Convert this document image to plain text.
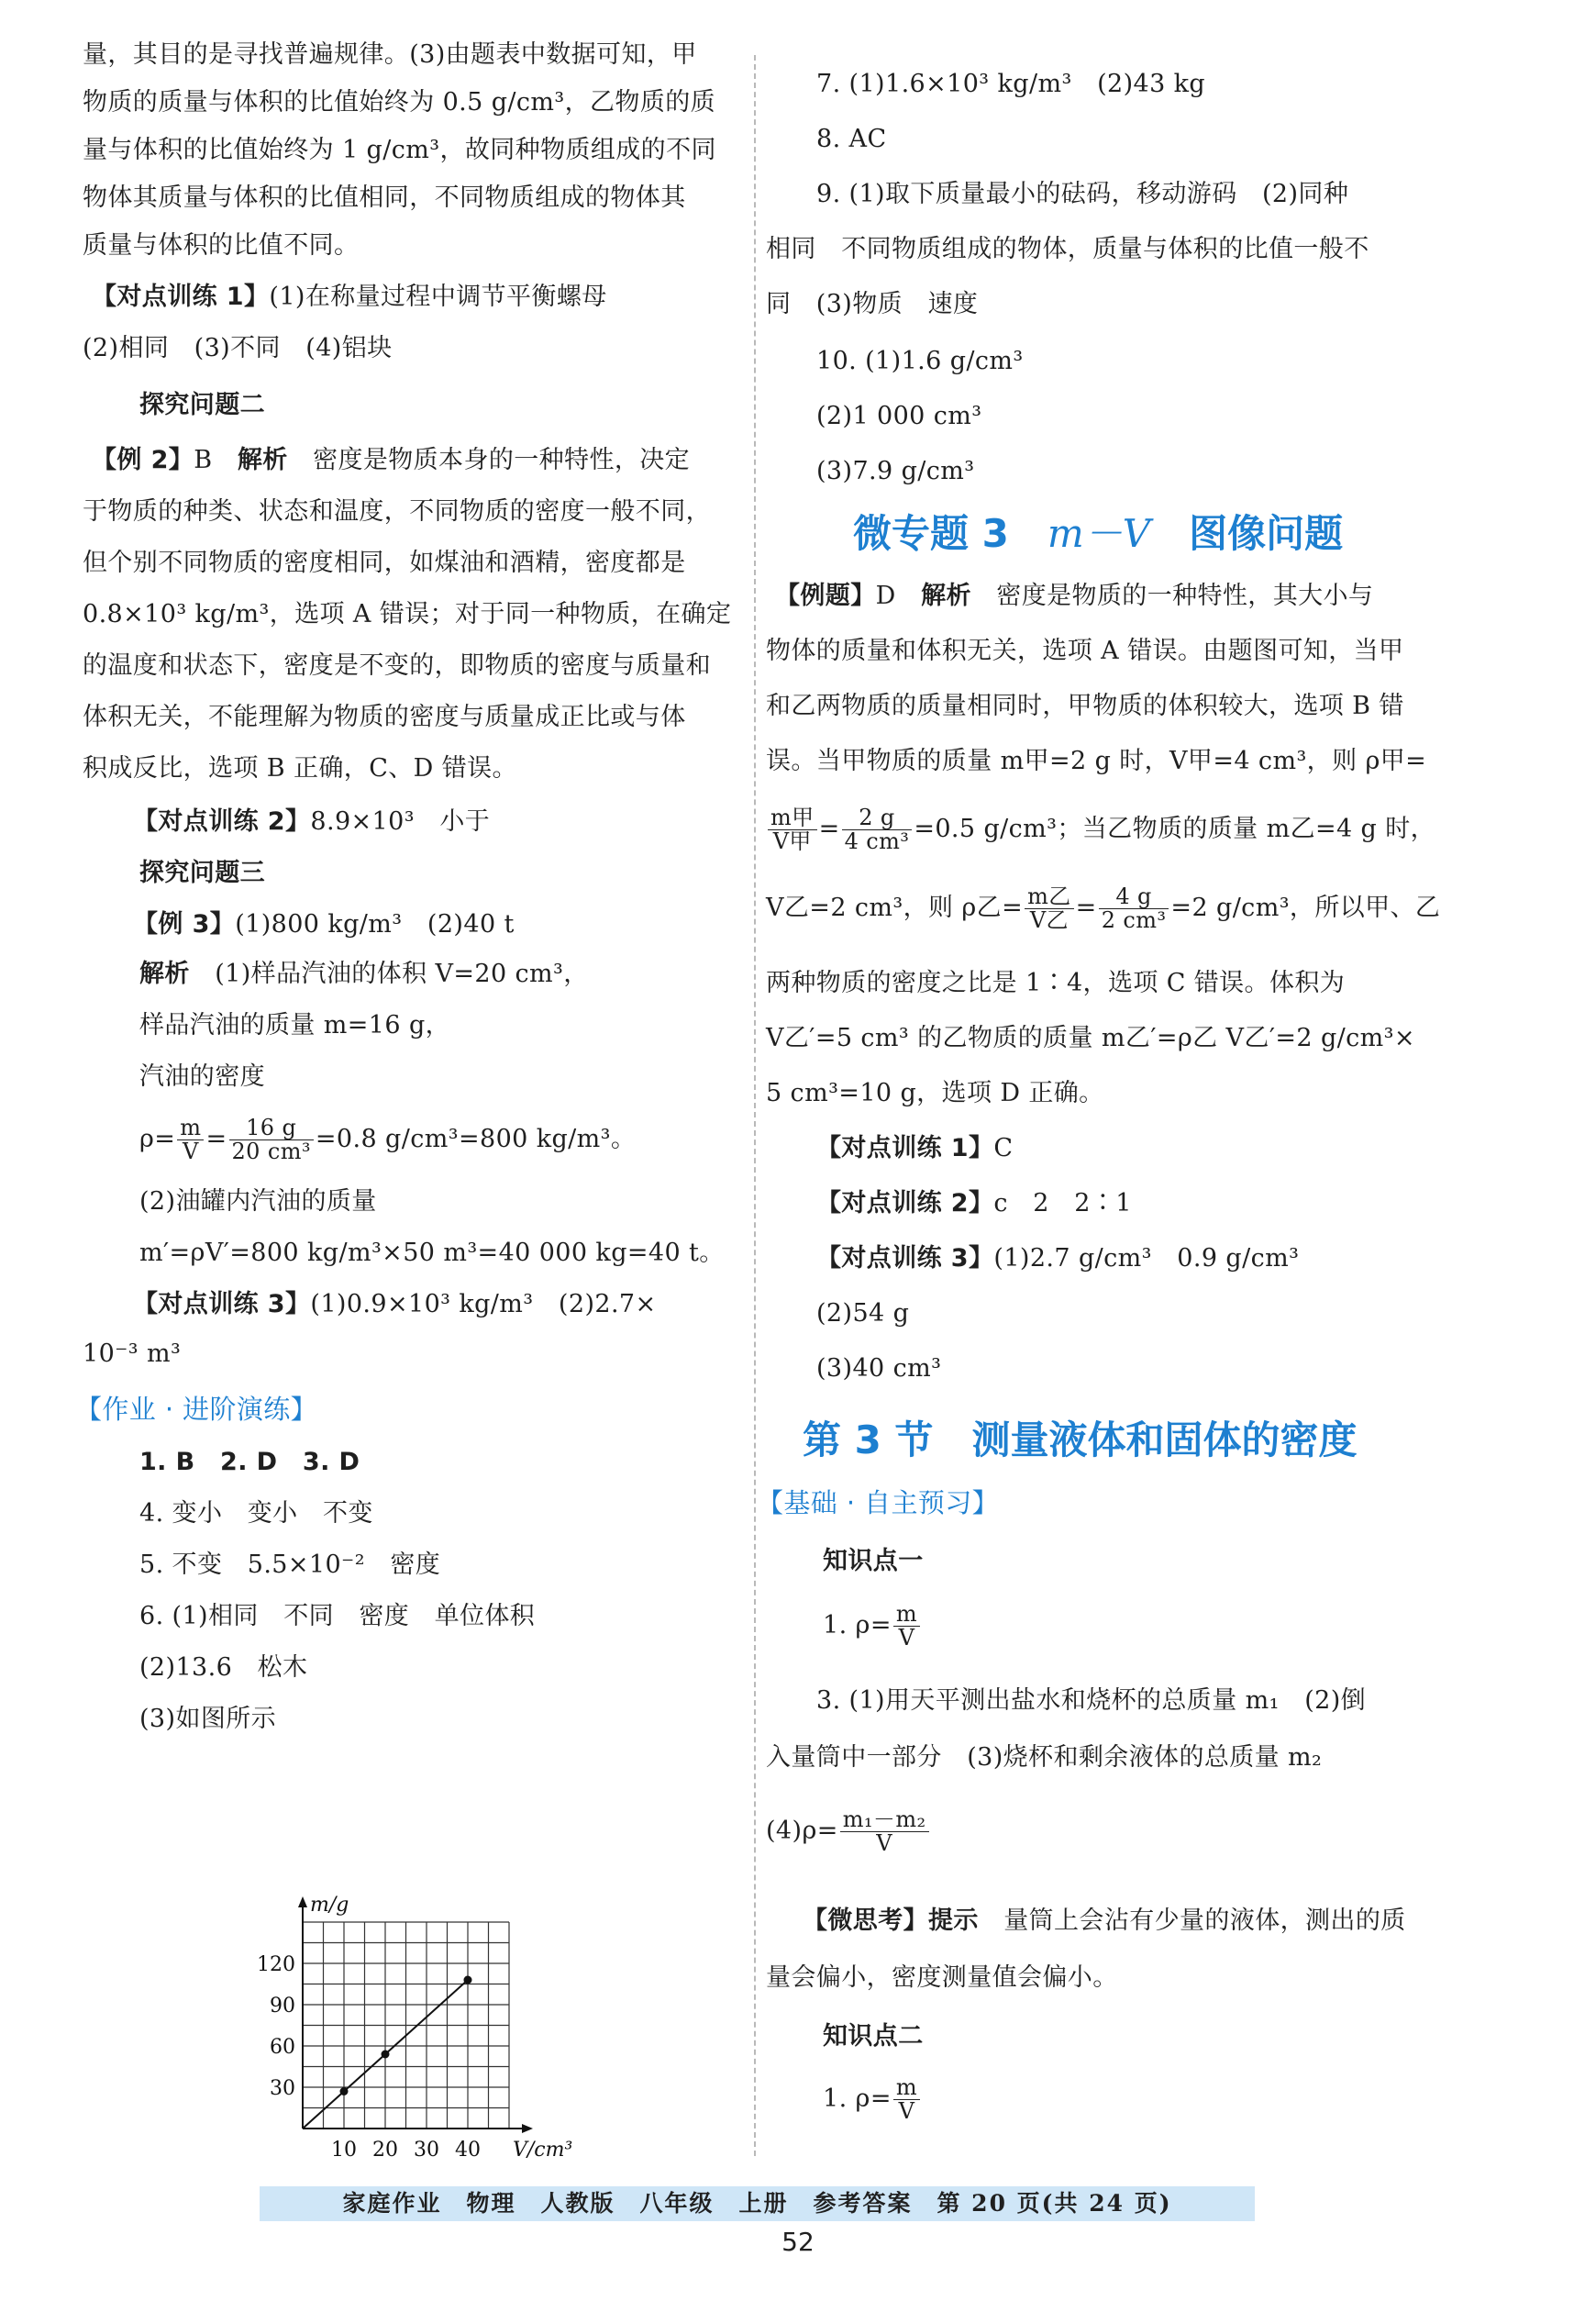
量，其目的是寻找普遍规律。(3)由题表中数据可知，甲
物质的质量与体积的比值始终为 0.5 g/cm³，乙物质的质
量与体积的比值始终为 1 g/cm³，故同种物质组成的不同
物体其质量与体积的比值相同，不同物质组成的物体其
质量与体积的比值不同。
【对点训练 1】(1)在称量过程中调节平衡螺母
(2)相同　(3)不同　(4)铝块
探究问题二
【例 2】B　 解析　 密度是物质本身的一种特性，决定
于物质的种类、状态和温度，不同物质的密度一般不同，
但个别不同物质的密度相同，如煤油和酒精，密度都是
0.8×10³ kg/m³，选项 A 错误；对于同一种物质，在确定
的温度和状态下，密度是不变的，即物质的密度与质量和
体积无关，不能理解为物质的密度与质量成正比或与体
积成反比，选项 B 正确，C、D 错误。
【对点训练 2】8.9×10³　小于
探究问题三
【例 3】(1)800 kg/m³　(2)40 t
解析　 (1)样品汽油的体积 V=20 cm³，
样品汽油的质量 m=16 g，
汽油的密度
$\rho= \frac{m}{V} = \frac{16 g}{\text{20 cm³}} =0.8$ g/cm³=800 kg/m³。
(2)油罐内汽油的质量
m′=ρV′=800 kg/m³×50 m³=40 000 kg=40 t。
【对点训练 3】(1)0.9×10³ kg/m³　(2)2.7×
10⁻³ m³
【作业 · 进阶演练】
1. B　2. D　3. D
4. 变小　变小　不变
5. 不变　5.5×10⁻²　密度
6. (1)相同　不同　密度　单位体积
(2)13.6　松木
(3)如图所示
10 20 30 40
30
60
90
120
V/cm³
m/g
7. (1)1.6×10³ kg/m³　(2)43 kg
8. AC
9. (1)取下质量最小的砝码，移动游码　(2)同种
相同　不同物质组成的物体，质量与体积的比值一般不
同　(3)物质　速度
10. (1)1.6 g/cm³
(2)1 000 cm³
(3)7.9 g/cm³
微专题 3　 m－V　 图像问题
【例题】D　 解析　 密度是物质的一种特性，其大小与
物体的质量和体积无关，选项 A 错误。由题图可知，当甲
和乙两物质的质量相同时，甲物质的体积较大，选项 B 错
误。当甲物质的质量 m甲=2 g 时，V甲=4 cm³，则 ρ甲=
$\frac{\text{m甲}}{\text{V甲}} = \frac{2 g}{\text{4 cm³}} =0.5$ g/cm³；当乙物质的质量 m乙=4 g 时，
V乙=2 cm³，则 ρ乙= $\frac{\text{m乙}}{\text{V乙}} = \frac{4 g}{\text{2 cm³}} =2$ g/cm³，所以甲、乙
两种物质的密度之比是 1∶4，选项 C 错误。体积为
V乙′=5 cm³ 的乙物质的质量 m乙′=ρ乙 V乙′=2 g/cm³×
5 cm³=10 g，选项 D 正确。
【对点训练 1】C
【对点训练 2】c　2　2∶1
【对点训练 3】(1)2.7 g/cm³　0.9 g/cm³
(2)54 g
(3)40 cm³
第 3 节　测量液体和固体的密度
【基础 · 自主预习】
知识点一
1. $\rho= \frac{m}{V}$
3. (1)用天平测出盐水和烧杯的总质量 m₁　(2)倒
入量筒中一部分　(3)烧杯和剩余液体的总质量 m₂
$(4)\rho= \frac{\text{m₁－m₂}}{V}$
【微思考】提示　 量筒上会沾有少量的液体，测出的质
量会偏小，密度测量值会偏小。
知识点二
1. $\rho= \frac{m}{V}$
家庭作业　物理　人教版　八年级　上册　参考答案　第 20 页(共 24 页)
52
